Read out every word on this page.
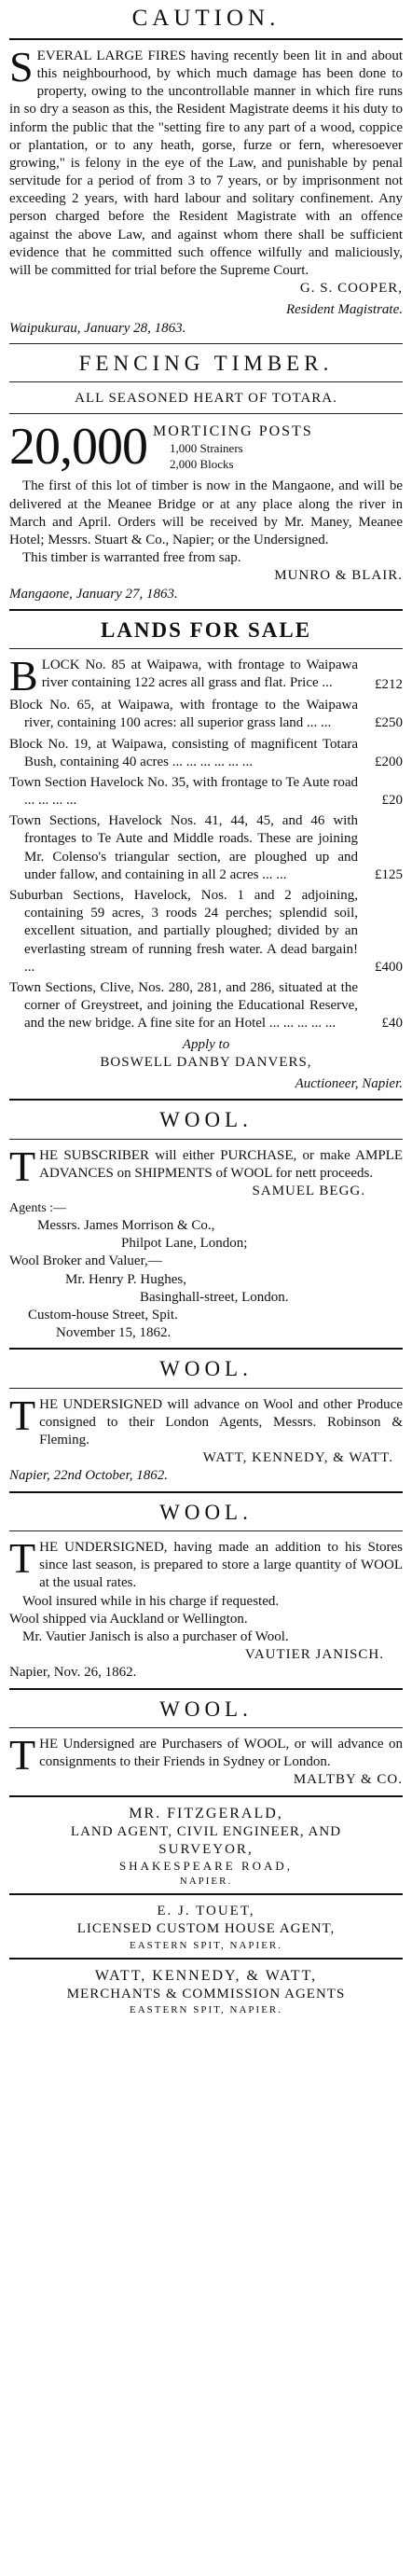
CAUTION.

SEVERAL LARGE FIRES having recently been lit in and about this neighbourhood, by which much damage has been done to property, owing to the uncontrollable manner in which fire runs in so dry a season as this, the Resident Magistrate deems it his duty to inform the public that the "setting fire to any part of a wood, coppice or plantation, or to any heath, gorse, furze or fern, wheresoever growing," is felony in the eye of the Law, and punishable by penal servitude for a period of from 3 to 7 years, or by imprisonment not exceeding 2 years, with hard labour and solitary confinement. Any person charged before the Resident Magistrate with an offence against the above Law, and against whom there shall be sufficient evidence that he committed such offence wilfully and maliciously, will be committed for trial before the Supreme Court.

G. S. COOPER,
Resident Magistrate.
Waipukurau, January 28, 1863.
FENCING TIMBER.
ALL SEASONED HEART OF TOTARA.
20,000 MORTICING POSTS
1,000 Strainers
2,000 Blocks

The first of this lot of timber is now in the Mangaone, and will be delivered at the Meanee Bridge or at any place along the river in March and April. Orders will be received by Mr. Maney, Meanee Hotel; Messrs. Stuart & Co., Napier; or the Undersigned.

This timber is warranted free from sap.

MUNRO & BLAIR.
Mangaone, January 27, 1863.
LANDS FOR SALE
BLOCK No. 85 at Waipawa, with frontage to Waipawa river containing 122 acres all grass and flat. Price ...	£212
Block No. 65, at Waipawa, with frontage to the Waipawa river, containing 100 acres: all superior grass land ... ...	£250
Block No. 19, at Waipawa, consisting of magnificent Totara Bush, containing 40 acres ... ... ... ... ... ...	£200
Town Section Havelock No. 35, with frontage to Te Aute road ... ... ... ...	£20
Town Sections, Havelock Nos. 41, 44, 45, and 46 with frontages to Te Aute and Middle roads. These are joining Mr. Colenso's triangular section, are ploughed up and under fallow, and containing in all 2 acres ... ...	£125
Suburban Sections, Havelock, Nos. 1 and 2 adjoining, containing 59 acres, 3 roods 24 perches; splendid soil, excellent situation, and partially ploughed; divided by an everlasting stream of running fresh water. A dead bargain! ...	£400
Town Sections, Clive, Nos. 280, 281, and 286, situated at the corner of Greystreet, and joining the Educational Reserve, and the new bridge. A fine site for an Hotel ... ... ... ... ...	£40
Apply to
BOSWELL DANBY DANVERS,
Auctioneer, Napier.
WOOL.

THE SUBSCRIBER will either PURCHASE, or make AMPLE ADVANCES on SHIPMENTS of WOOL for nett proceeds.

SAMUEL BEGG.
Agents :—
Messrs. James Morrison & Co.,
Philpot Lane, London;
Wool Broker and Valuer,—
Mr. Henry P. Hughes,
Basinghall-street, London.
Custom-house Street, Spit.
November 15, 1862.
WOOL.

THE UNDERSIGNED will advance on Wool and other Produce consigned to their London Agents, Messrs. Robinson & Fleming.

WATT, KENNEDY, & WATT.
Napier, 22nd October, 1862.
WOOL.

THE UNDERSIGNED, having made an addition to his Stores since last season, is prepared to store a large quantity of WOOL at the usual rates.

Wool insured while in his charge if requested.

Wool shipped via Auckland or Wellington.

Mr. Vautier Janisch is also a purchaser of Wool.

VAUTIER JANISCH.
Napier, Nov. 26, 1862.
WOOL.

THE Undersigned are Purchasers of WOOL, or will advance on consignments to their Friends in Sydney or London.

MALTBY & CO.
MR. FITZGERALD,
LAND AGENT, CIVIL ENGINEER, AND
SURVEYOR,
SHAKESPEARE ROAD,
NAPIER.
E. J. TOUET,
LICENSED CUSTOM HOUSE AGENT,
EASTERN SPIT, NAPIER.
WATT, KENNEDY, & WATT,
MERCHANTS & COMMISSION AGENTS
EASTERN SPIT, NAPIER.
